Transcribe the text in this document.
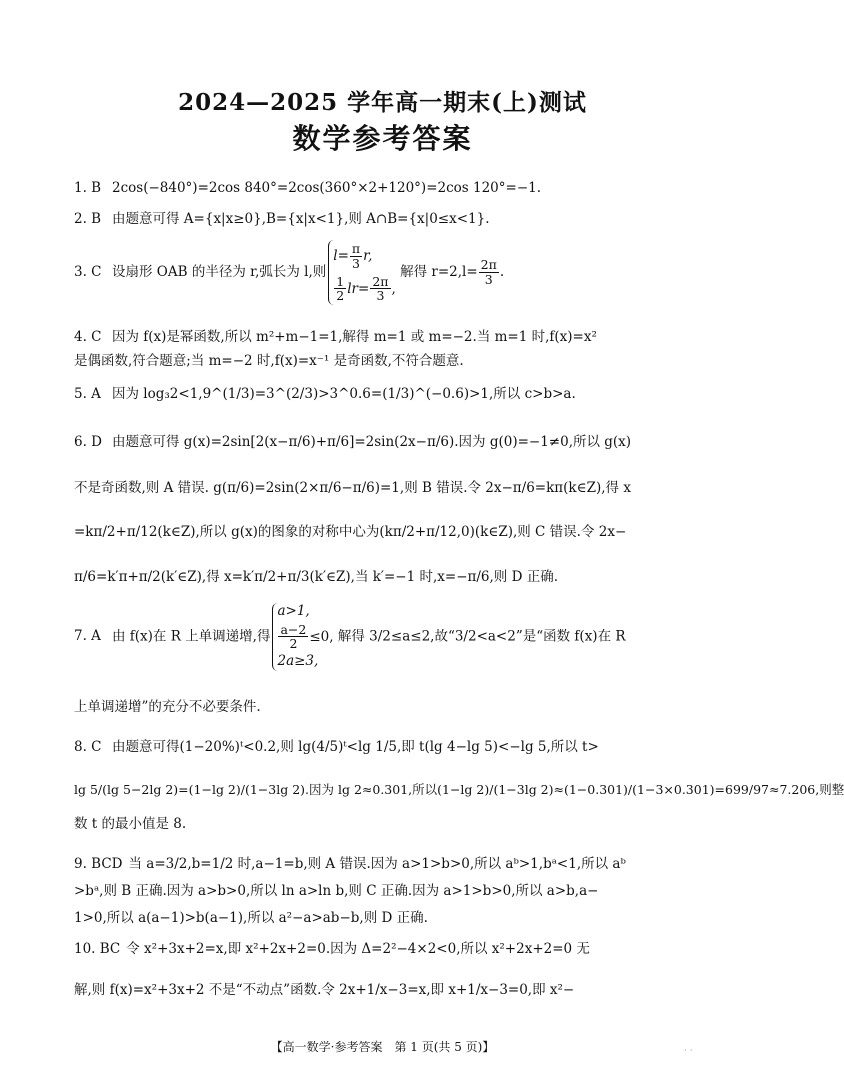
2024—2025 学年高一期末(上)测试
数学参考答案
1. B 2cos(−840°)=2cos 840°=2cos(360°×2+120°)=2cos 120°=−1.
2. B 由题意可得 A={x|x≥0},B={x|x<1},则 A∩B={x|0≤x<1}.
3. C 设扇形 OAB 的半径为 r,弧长为 l,则
$l= \frac{\pi}{3} r$,
$\frac{1}{2} lr= \frac{2\pi}{3}$ ,
解得 $r=2,l= \frac{2\pi}{3}$ .
4. C 因为 f(x)是幂函数,所以 m²+m−1=1,解得 m=1 或 m=−2.当 m=1 时,f(x)=x²
是偶函数,符合题意;当 m=−2 时,f(x)=x⁻¹ 是奇函数,不符合题意.
5. A 因为 log₃2<1,9^(1/3)=3^(2/3)>3^0.6=(1/3)^(−0.6)>1,所以 c>b>a.
6. D 由题意可得 g(x)=2sin[2(x−π/6)+π/6]=2sin(2x−π/6).因为 g(0)=−1≠0,所以 g(x)
不是奇函数,则 A 错误. g(π/6)=2sin(2×π/6−π/6)=1,则 B 错误.令 2x−π/6=kπ(k∈Z),得 x
=kπ/2+π/12(k∈Z),所以 g(x)的图象的对称中心为(kπ/2+π/12,0)(k∈Z),则 C 错误.令 2x−
π/6=k′π+π/2(k′∈Z),得 x=k′π/2+π/3(k′∈Z),当 k′=−1 时,x=−π/6,则 D 正确.
7. A 由 f(x)在 R 上单调递增,得
a>1,
$\frac{a-2}{2} \le 0$,
2a≥3,
解得 3/2≤a≤2,故“3/2<a<2”是“函数 f(x)在 R
上单调递增”的充分不必要条件.
8. C 由题意可得(1−20%)ᵗ<0.2,则 lg(4/5)ᵗ<lg 1/5,即 t(lg 4−lg 5)<−lg 5,所以 t>
lg 5/(lg 5−2lg 2)=(1−lg 2)/(1−3lg 2).因为 lg 2≈0.301,所以(1−lg 2)/(1−3lg 2)≈(1−0.301)/(1−3×0.301)=699/97≈7.206,则整
数 t 的最小值是 8.
9. BCD 当 a=3/2,b=1/2 时,a−1=b,则 A 错误.因为 a>1>b>0,所以 aᵇ>1,bᵃ<1,所以 aᵇ
>bᵃ,则 B 正确.因为 a>b>0,所以 ln a>ln b,则 C 正确.因为 a>1>b>0,所以 a>b,a−
1>0,所以 a(a−1)>b(a−1),所以 a²−a>ab−b,则 D 正确.
10. BC 令 x²+3x+2=x,即 x²+2x+2=0.因为 Δ=2²−4×2<0,所以 x²+2x+2=0 无
解,则 f(x)=x²+3x+2 不是“不动点”函数.令 2x+1/x−3=x,即 x+1/x−3=0,即 x²−
【高一数学·参考答案　第 1 页(共 5 页)】	· ·
